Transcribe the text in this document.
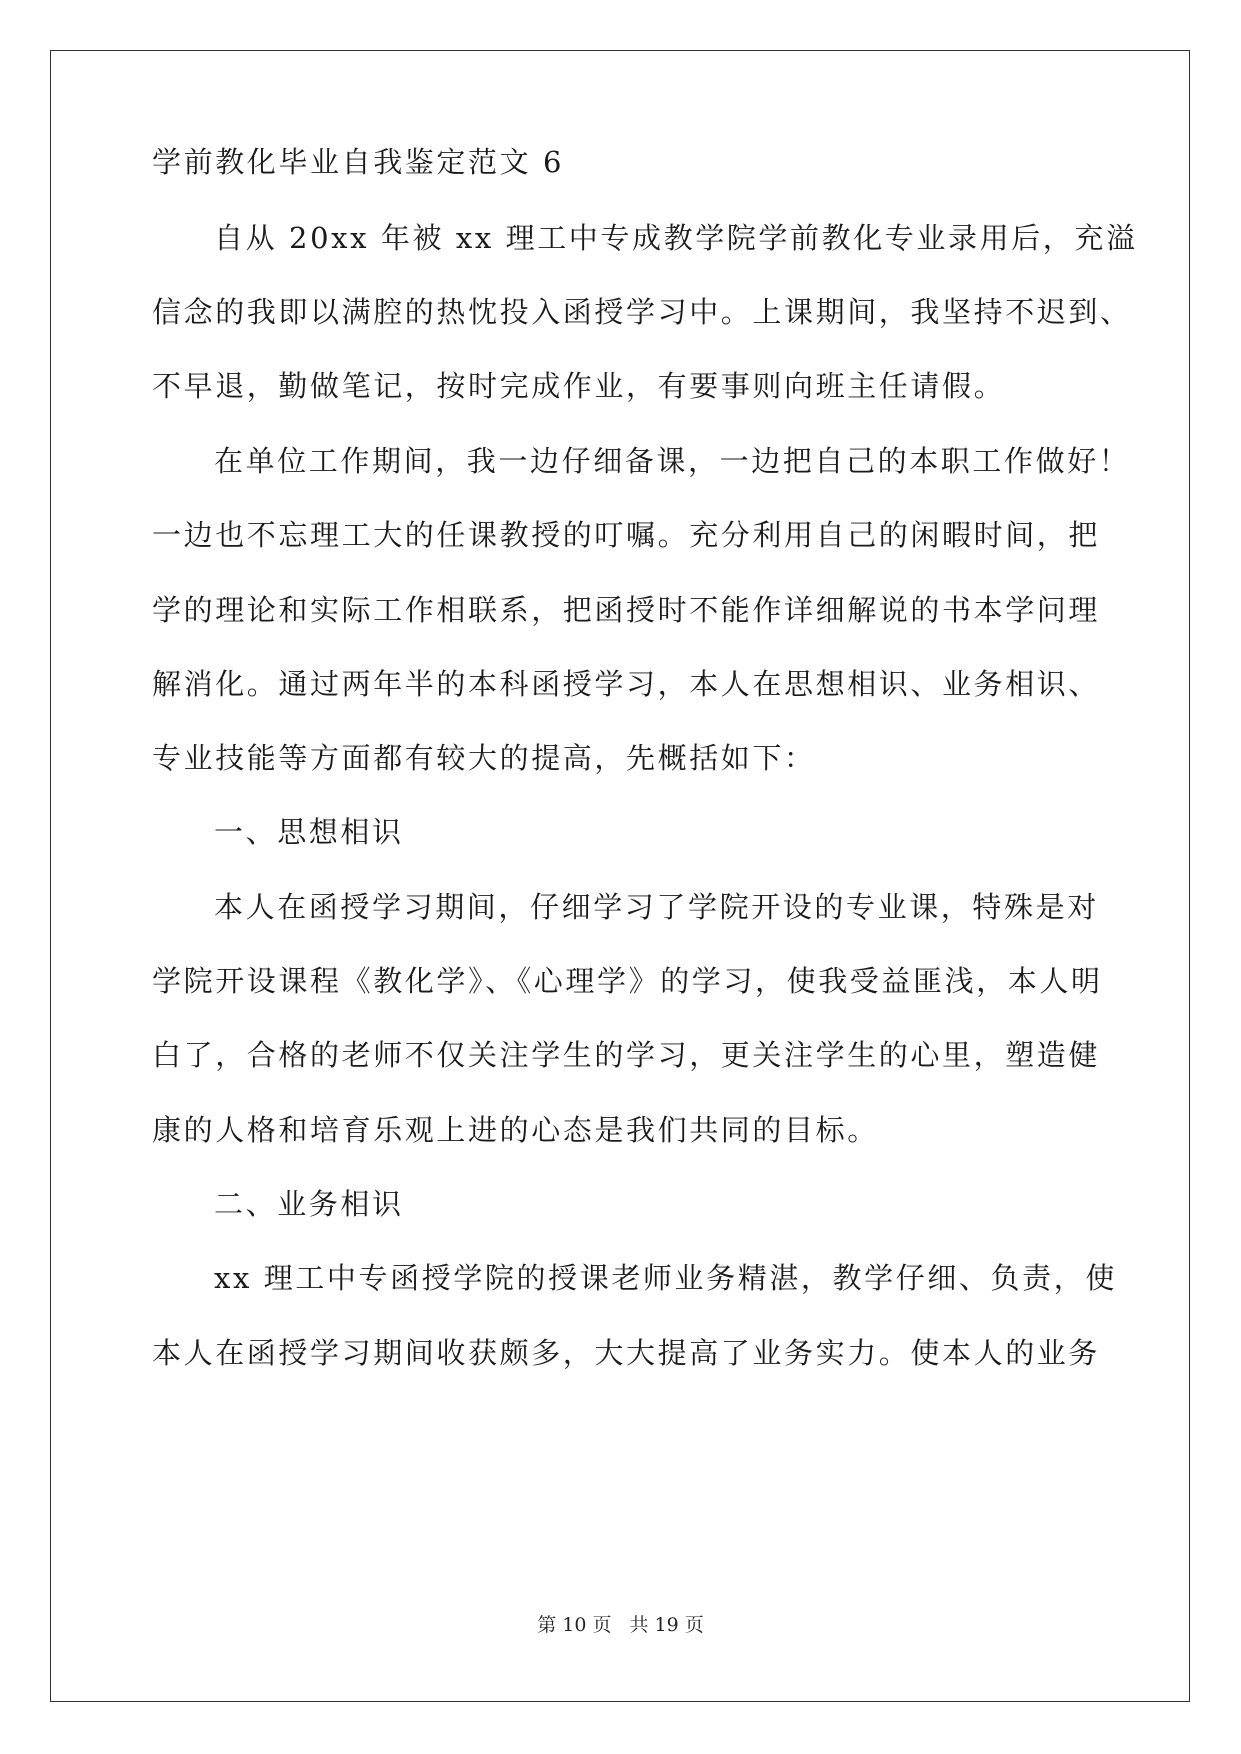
学前教化毕业自我鉴定范文 6
自从 20xx 年被 xx 理工中专成教学院学前教化专业录用后，充溢
信念的我即以满腔的热忱投入函授学习中。上课期间，我坚持不迟到、
不早退，勤做笔记，按时完成作业，有要事则向班主任请假。
在单位工作期间，我一边仔细备课，一边把自己的本职工作做好！
一边也不忘理工大的任课教授的叮嘱。充分利用自己的闲暇时间，把
学的理论和实际工作相联系，把函授时不能作详细解说的书本学问理
解消化。通过两年半的本科函授学习，本人在思想相识、业务相识、
专业技能等方面都有较大的提高，先概括如下：
一、思想相识
本人在函授学习期间，仔细学习了学院开设的专业课，特殊是对
学院开设课程《教化学》、《心理学》的学习，使我受益匪浅，本人明
白了，合格的老师不仅关注学生的学习，更关注学生的心里，塑造健
康的人格和培育乐观上进的心态是我们共同的目标。
二、业务相识
xx 理工中专函授学院的授课老师业务精湛，教学仔细、负责，使
本人在函授学习期间收获颇多，大大提高了业务实力。使本人的业务
第 10 页 共 19 页
